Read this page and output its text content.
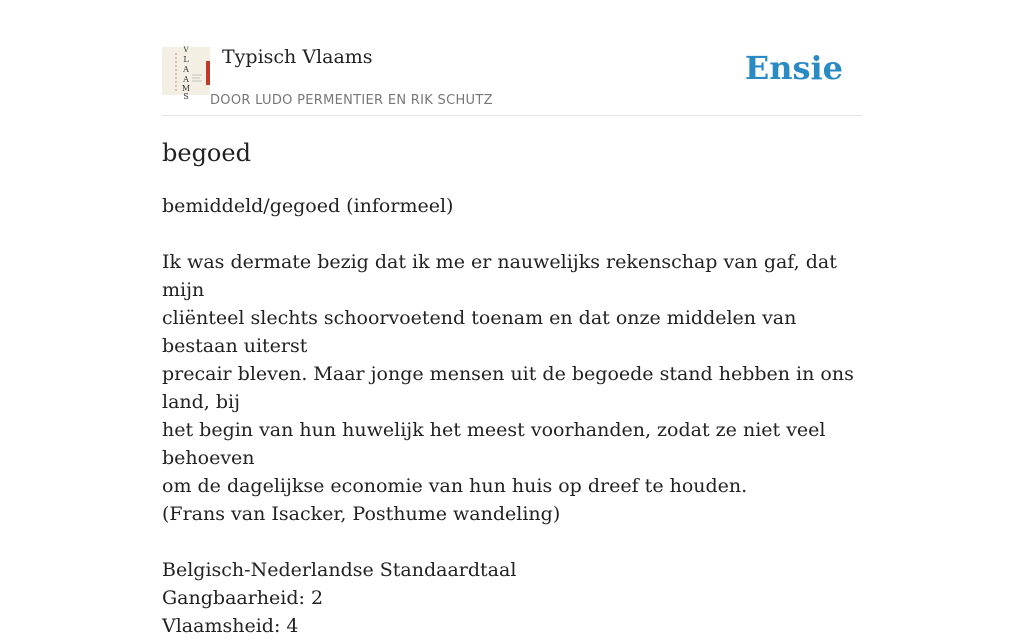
V
L
A
A
M
S
Typisch Vlaams
DOOR LUDO PERMENTIER EN RIK SCHUTZ
Ensie
begoed

bemiddeld/gegoed (informeel)

Ik was dermate bezig dat ik me er nauwelijks rekenschap van gaf, dat mijn

cliënteel slechts schoorvoetend toenam en dat onze middelen van bestaan uiterst

precair bleven. Maar jonge mensen uit de begoede stand hebben in ons land, bij

het begin van hun huwelijk het meest voorhanden, zodat ze niet veel behoeven

om de dagelijkse economie van hun huis op dreef te houden.

(Frans van Isacker, Posthume wandeling)

Belgisch-Nederlandse Standaardtaal

Gangbaarheid: 2

Vlaamsheid: 4
